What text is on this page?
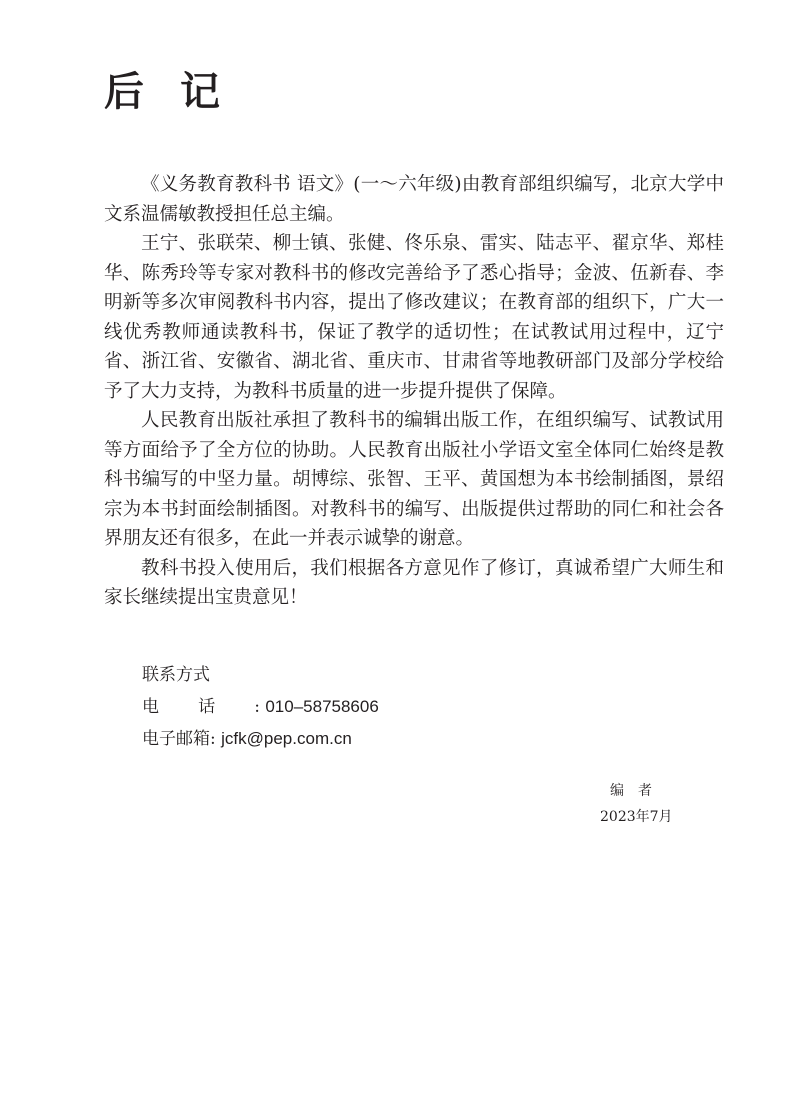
后记

《义务教育教科书 语文》(一～六年级)由教育部组织编写，北京大学中文系温儒敏教授担任总主编。

王宁、张联荣、柳士镇、张健、佟乐泉、雷实、陆志平、翟京华、郑桂华、陈秀玲等专家对教科书的修改完善给予了悉心指导；金波、伍新春、李明新等多次审阅教科书内容，提出了修改建议；在教育部的组织下，广大一线优秀教师通读教科书，保证了教学的适切性；在试教试用过程中，辽宁省、浙江省、安徽省、湖北省、重庆市、甘肃省等地教研部门及部分学校给予了大力支持，为教科书质量的进一步提升提供了保障。

人民教育出版社承担了教科书的编辑出版工作，在组织编写、试教试用等方面给予了全方位的协助。人民教育出版社小学语文室全体同仁始终是教科书编写的中坚力量。胡博综、张智、王平、黄国想为本书绘制插图，景绍宗为本书封面绘制插图。对教科书的编写、出版提供过帮助的同仁和社会各界朋友还有很多，在此一并表示诚挚的谢意。

教科书投入使用后，我们根据各方意见作了修订，真诚希望广大师生和家长继续提出宝贵意见！

联系方式
电话: 010–58758606
电子邮箱: jcfk@pep.com.cn
编者
2023年7月
